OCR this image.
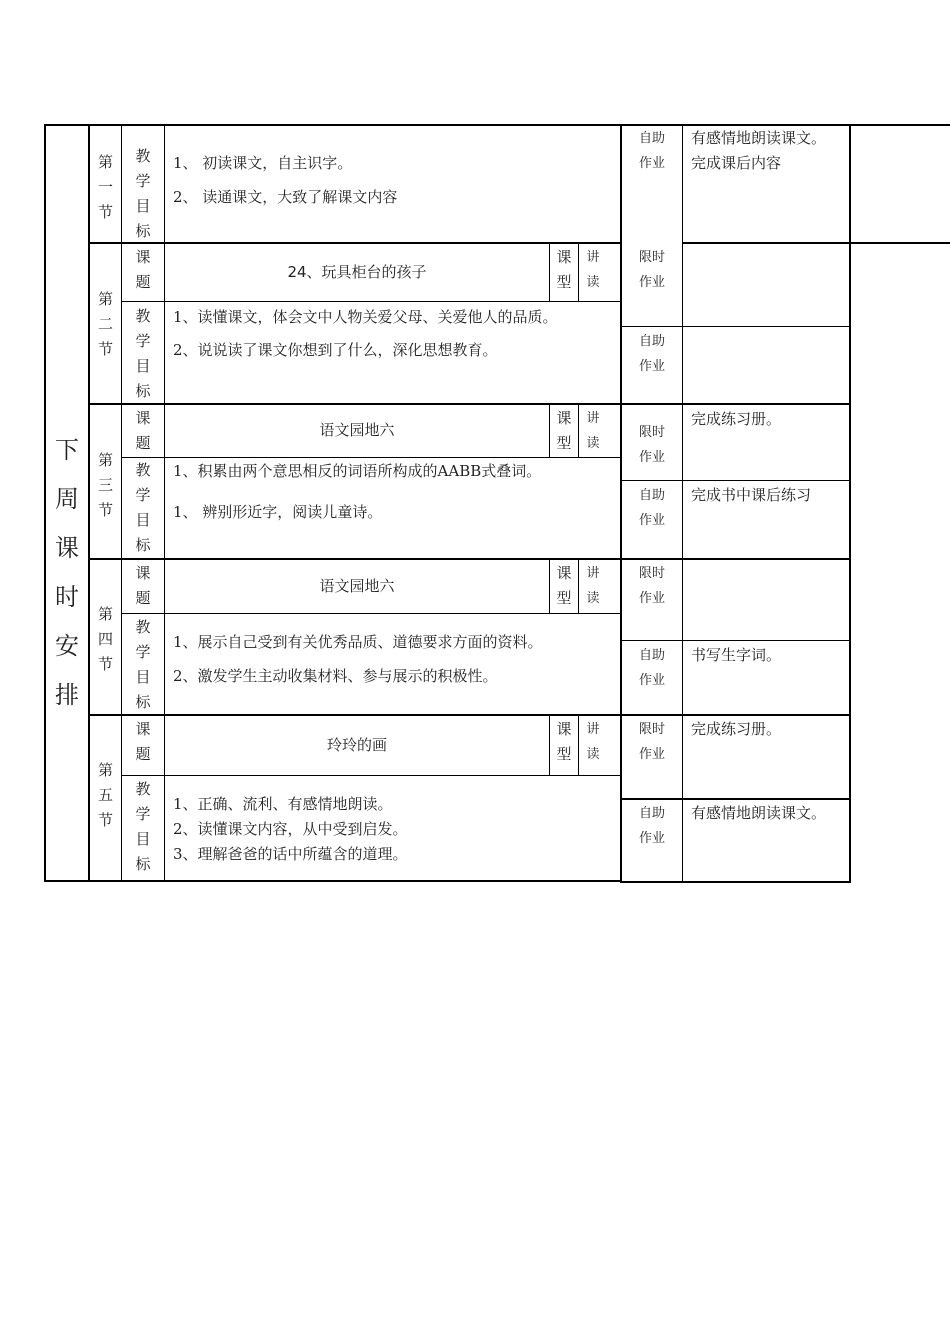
下
周
课
时
安
排
第
一
节
教
学
目
标
1、 初读课文，自主识字。
2、 读通课文，大致了解课文内容
自助
作业
有感情地朗读课文。
完成课后内容
第
二
节
课
题
24、玩具柜台的孩子
课
型
讲
读
教
学
目
标
1、读懂课文，体会文中人物关爱父母、关爱他人的品质。
2、说说读了课文你想到了什么，深化思想教育。
限时
作业
自助
作业
第
三
节
课
题
语文园地六
课
型
讲
读
教
学
目
标
1、积累由两个意思相反的词语所构成的AABB式叠词。
1、 辨别形近字，阅读儿童诗。
限时
作业
完成练习册。
自助
作业
完成书中课后练习
第
四
节
课
题
语文园地六
课
型
讲
读
教
学
目
标
1、展示自己受到有关优秀品质、道德要求方面的资料。
2、激发学生主动收集材料、参与展示的积极性。
限时
作业
自助
作业
书写生字词。
第
五
节
课
题	玲玲的画
课
型
讲
读
教
学
目
标
1、正确、流利、有感情地朗读。
2、读懂课文内容，从中受到启发。
3、理解爸爸的话中所蕴含的道理。
限时
作业
完成练习册。
自助
作业
有感情地朗读课文。
